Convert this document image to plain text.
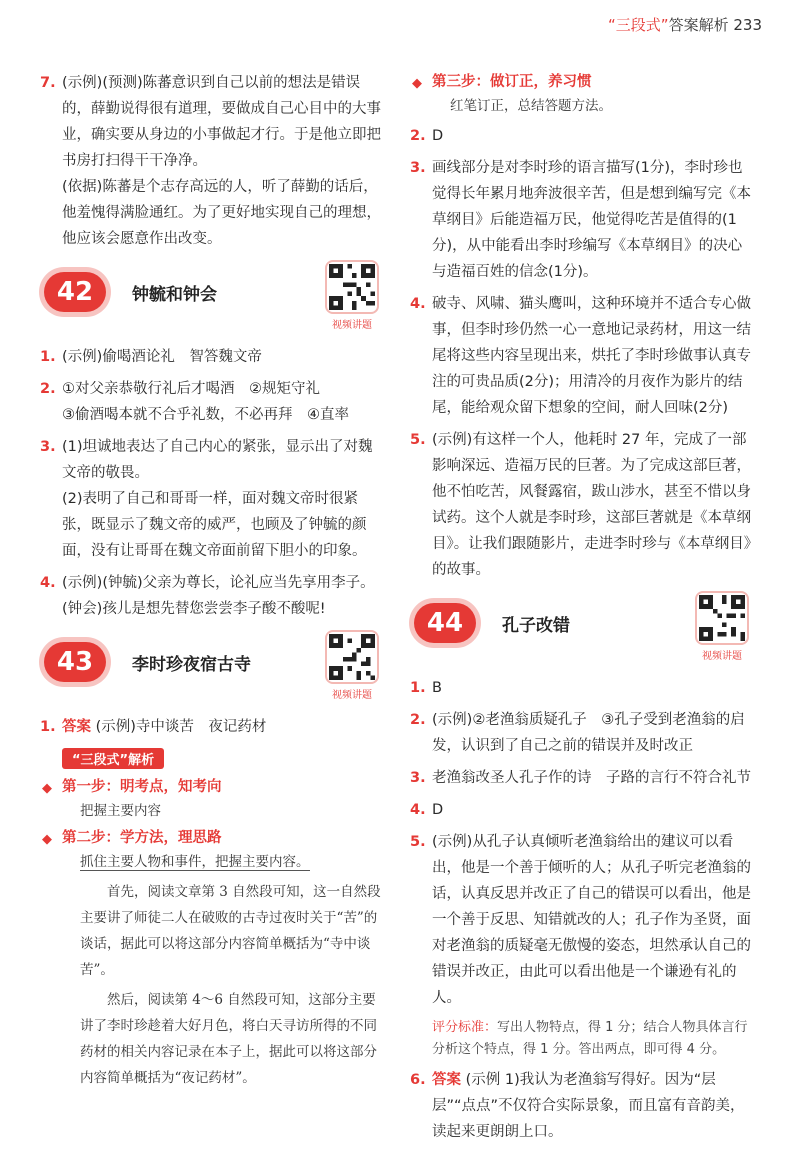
“三段式”答案解析 233
7. (示例)(预测)陈蕃意识到自己以前的想法是错误的，薛勤说得很有道理，要做成自己心目中的大事业，确实要从身边的小事做起才行。于是他立即把书房打扫得干干净净。

(依据)陈蕃是个志存高远的人，听了薛勤的话后，他羞愧得满脸通红。为了更好地实现自己的理想，他应该会愿意作出改变。

42	钟毓和钟会
视频讲题
1. (示例)偷喝酒论礼　智答魏文帝

2. ①对父亲恭敬行礼后才喝酒　②规矩守礼

③偷酒喝本就不合乎礼数，不必再拜　④直率

3. (1)坦诚地表达了自己内心的紧张，显示出了对魏文帝的敬畏。

(2)表明了自己和哥哥一样，面对魏文帝时很紧张，既显示了魏文帝的威严，也顾及了钟毓的颜面，没有让哥哥在魏文帝面前留下胆小的印象。

4. (示例)(钟毓)父亲为尊长，论礼应当先享用李子。

(钟会)孩儿是想先替您尝尝李子酸不酸呢!

43	李时珍夜宿古寺
视频讲题
1. 答案 (示例)寺中谈苦　夜记药材

“三段式”解析
◆ 第一步：明考点，知考向

把握主要内容

◆ 第二步：学方法，理思路

抓住主要人物和事件，把握主要内容。

首先，阅读文章第 3 自然段可知，这一自然段主要讲了师徒二人在破败的古寺过夜时关于“苦”的谈话，据此可以将这部分内容简单概括为“寺中谈苦”。

然后，阅读第 4～6 自然段可知，这部分主要讲了李时珍趁着大好月色，将白天寻访所得的不同药材的相关内容记录在本子上，据此可以将这部分内容简单概括为“夜记药材”。

◆ 第三步：做订正，养习惯

红笔订正，总结答题方法。

2. D

3. 画线部分是对李时珍的语言描写(1分)，李时珍也觉得长年累月地奔波很辛苦，但是想到编写完《本草纲目》后能造福万民，他觉得吃苦是值得的(1分)，从中能看出李时珍编写《本草纲目》的决心与造福百姓的信念(1分)。

4. 破寺、风啸、猫头鹰叫，这种环境并不适合专心做事，但李时珍仍然一心一意地记录药材，用这一结尾将这些内容呈现出来，烘托了李时珍做事认真专注的可贵品质(2分)；用清冷的月夜作为影片的结尾，能给观众留下想象的空间，耐人回味(2分)

5. (示例)有这样一个人，他耗时 27 年，完成了一部影响深远、造福万民的巨著。为了完成这部巨著，他不怕吃苦，风餐露宿，跋山涉水，甚至不惜以身试药。这个人就是李时珍，这部巨著就是《本草纲目》。让我们跟随影片，走进李时珍与《本草纲目》的故事。

44	孔子改错
视频讲题
1. B

2. (示例)②老渔翁质疑孔子　③孔子受到老渔翁的启发，认识到了自己之前的错误并及时改正

3. 老渔翁改圣人孔子作的诗　子路的言行不符合礼节

4. D

5. (示例)从孔子认真倾听老渔翁给出的建议可以看出，他是一个善于倾听的人；从孔子听完老渔翁的话，认真反思并改正了自己的错误可以看出，他是一个善于反思、知错就改的人；孔子作为圣贤，面对老渔翁的质疑毫无傲慢的姿态，坦然承认自己的错误并改正，由此可以看出他是一个谦逊有礼的人。

评分标准：写出人物特点，得 1 分；结合人物具体言行分析这个特点，得 1 分。答出两点，即可得 4 分。
6. 答案 (示例 1)我认为老渔翁写得好。因为“层层”“点点”不仅符合实际景象，而且富有音韵美，读起来更朗朗上口。
